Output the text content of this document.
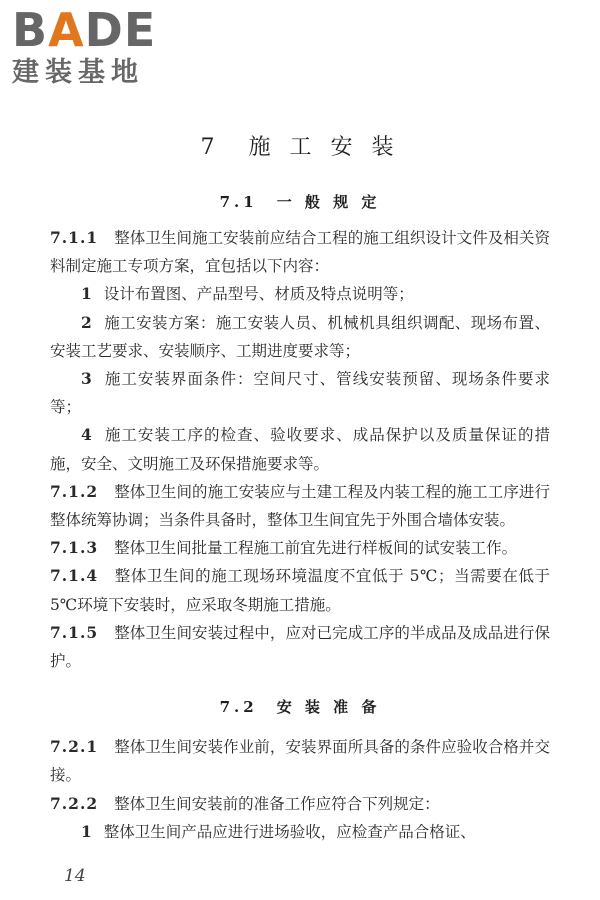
BADE
建装基地
7　 施 工 安 装
7.1　一 般 规 定

7.1.1 整体卫生间施工安装前应结合工程的施工组织设计文件及相关资料制定施工专项方案，宜包括以下内容：

1 设计布置图、产品型号、材质及特点说明等；

2 施工安装方案：施工安装人员、机械机具组织调配、现场布置、安装工艺要求、安装顺序、工期进度要求等；

3 施工安装界面条件：空间尺寸、管线安装预留、现场条件要求等；

4 施工安装工序的检查、验收要求、成品保护以及质量保证的措施，安全、文明施工及环保措施要求等。

7.1.2 整体卫生间的施工安装应与土建工程及内装工程的施工工序进行整体统筹协调；当条件具备时，整体卫生间宜先于外围合墙体安装。

7.1.3 整体卫生间批量工程施工前宜先进行样板间的试安装工作。

7.1.4 整体卫生间的施工现场环境温度不宜低于 5℃；当需要在低于 5℃环境下安装时，应采取冬期施工措施。

7.1.5 整体卫生间安装过程中，应对已完成工序的半成品及成品进行保护。

7.2　安 装 准 备

7.2.1 整体卫生间安装作业前，安装界面所具备的条件应验收合格并交接。

7.2.2 整体卫生间安装前的准备工作应符合下列规定：

1 整体卫生间产品应进行进场验收，应检查产品合格证、

14
